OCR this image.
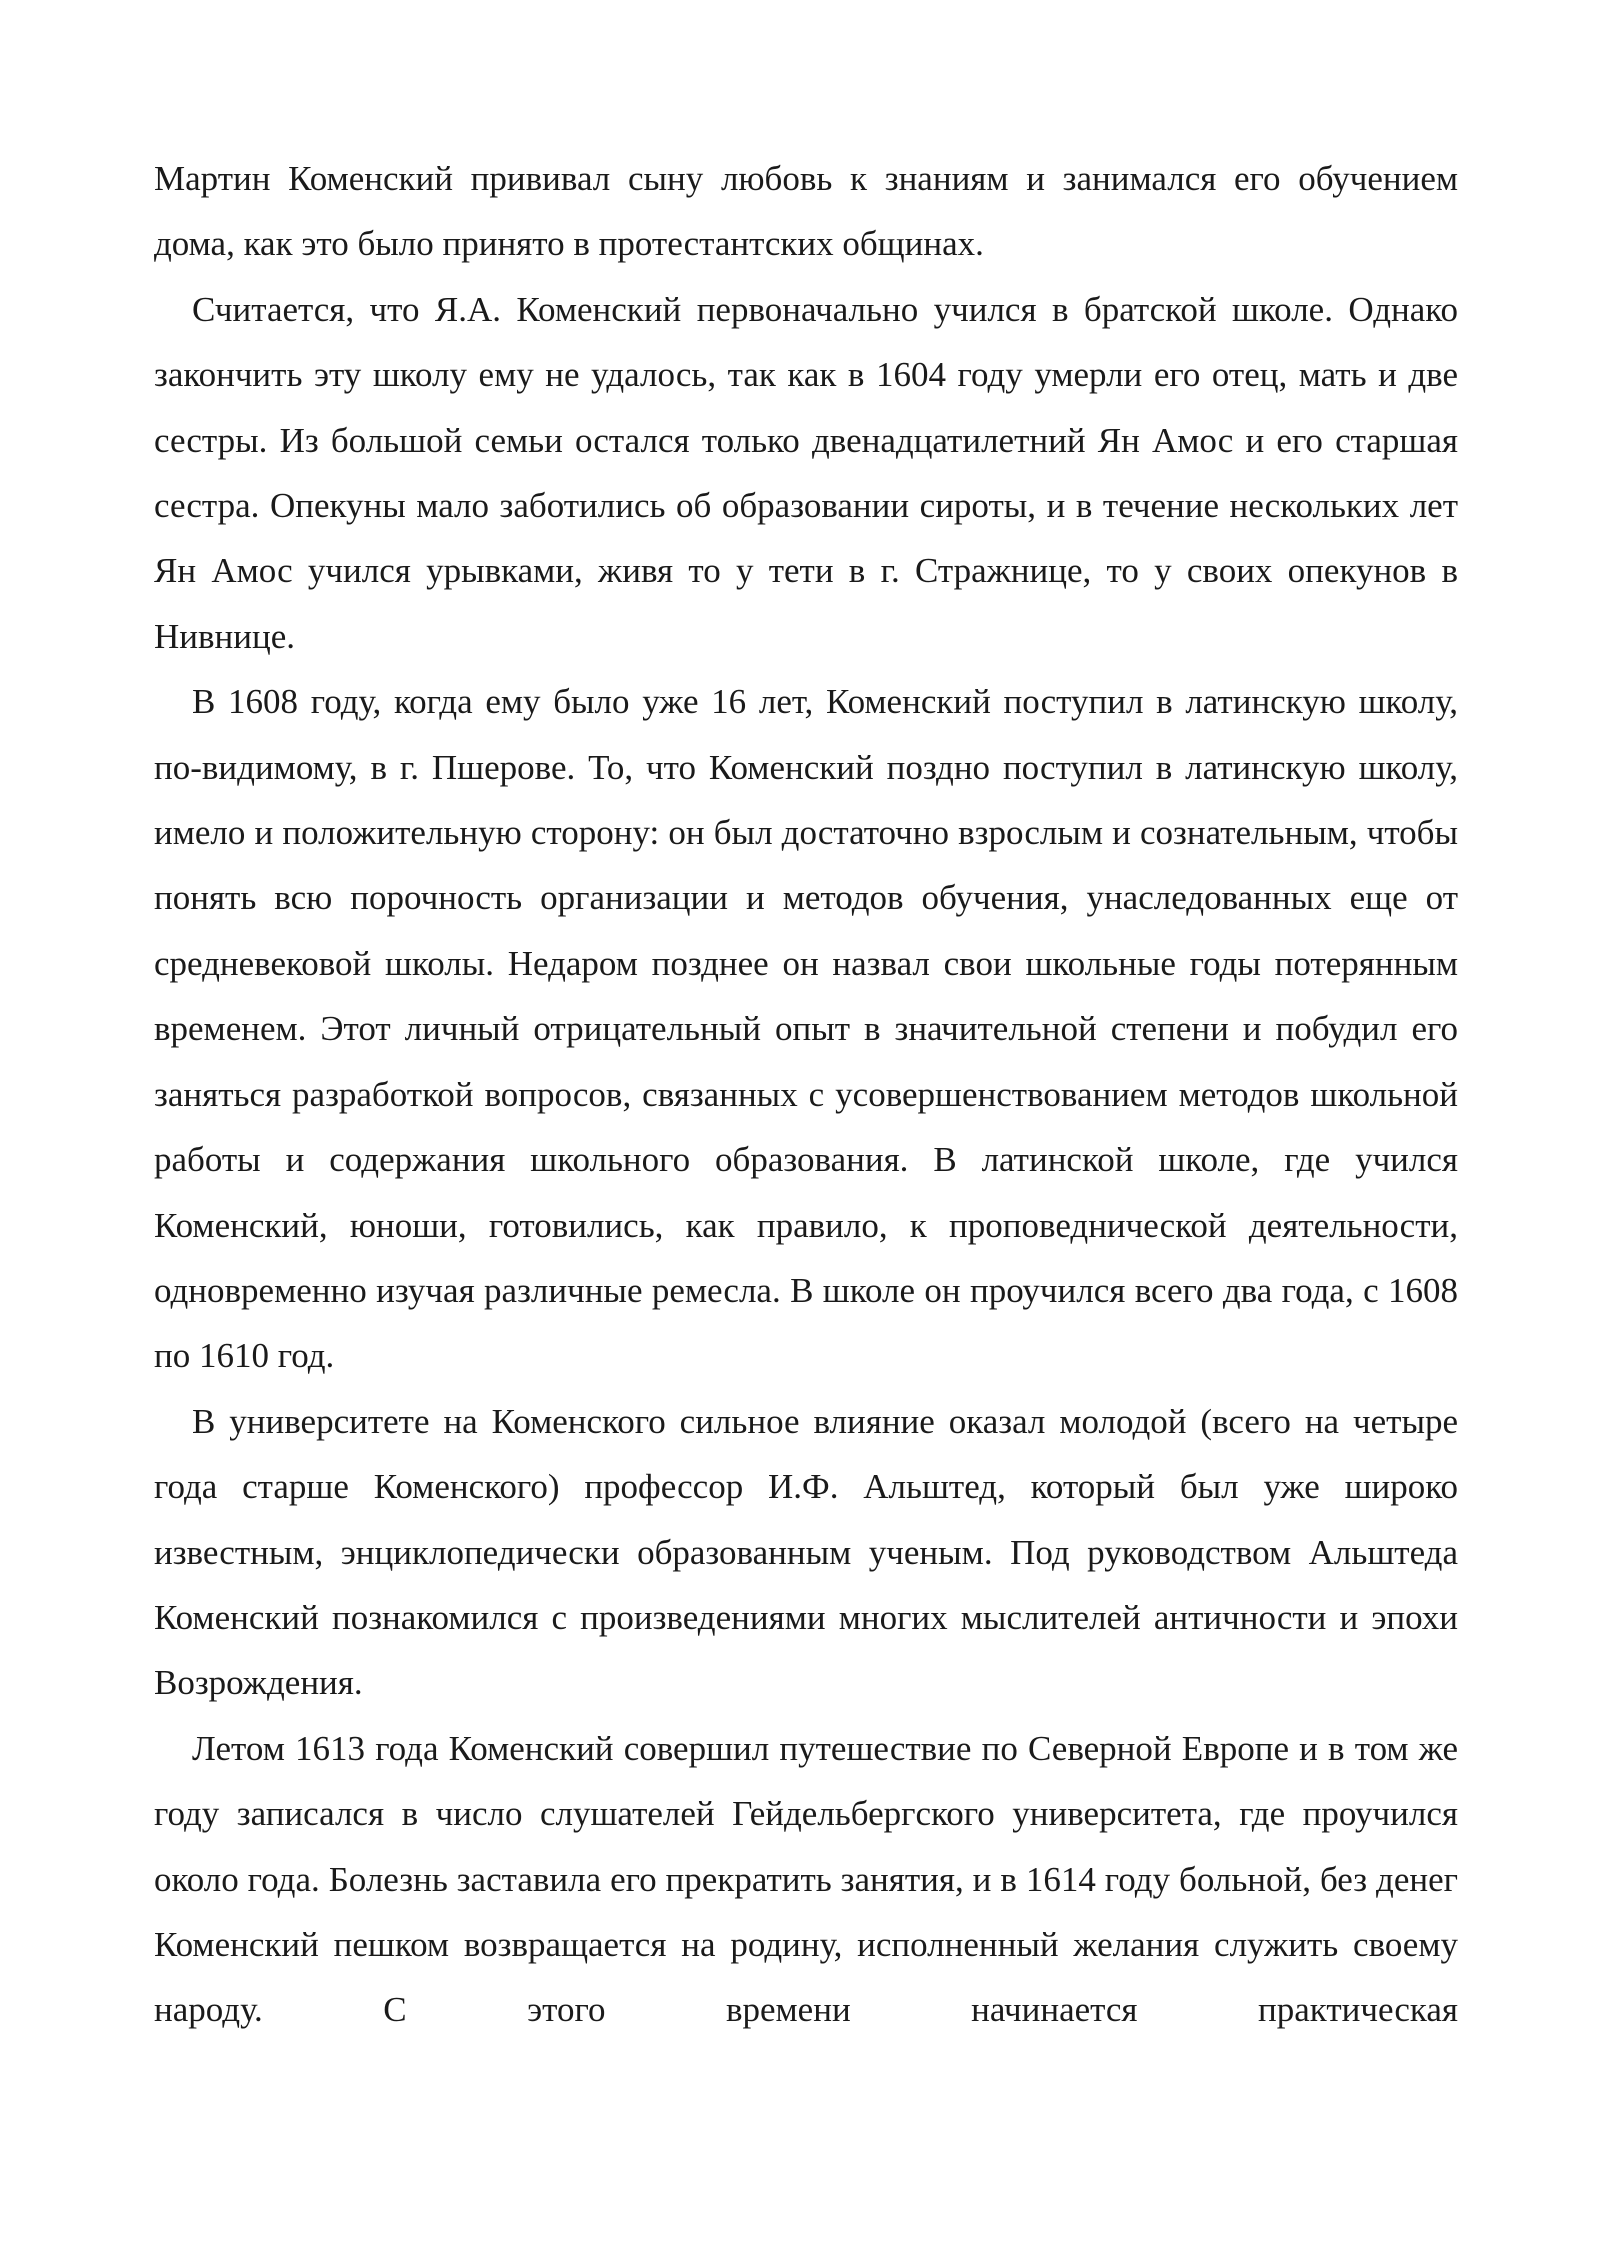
Мартин Коменский прививал сыну любовь к знаниям и занимался его обучением дома, как это было принято в протестантских общинах.

Считается, что Я.А. Коменский первоначально учился в братской школе. Однако закончить эту школу ему не удалось, так как в 1604 году умерли его отец, мать и две сестры. Из большой семьи остался только двенадцатилетний Ян Амос и его старшая сестра. Опекуны мало заботились об образовании сироты, и в течение нескольких лет Ян Амос учился урывками, живя то у тети в г. Стражнице, то у своих опекунов в Нивнице.

В 1608 году, когда ему было уже 16 лет, Коменский поступил в латинскую школу, по-видимому, в г. Пшерове. То, что Коменский поздно поступил в латинскую школу, имело и положительную сторону: он был достаточно взрослым и сознательным, чтобы понять всю порочность организации и методов обучения, унаследованных еще от средневековой школы. Недаром позднее он назвал свои школьные годы потерянным временем. Этот личный отрицательный опыт в значительной степени и побудил его заняться разработкой вопросов, связанных с усовершенствованием методов школьной работы и содержания школьного образования. В латинской школе, где учился Коменский, юноши, готовились, как правило, к проповеднической деятельности, одновременно изучая различные ремесла. В школе он проучился всего два года, с 1608 по 1610 год.

В университете на Коменского сильное влияние оказал молодой (всего на четыре года старше Коменского) профессор И.Ф. Альштед, который был уже широко известным, энциклопедически образованным ученым. Под руководством Альштеда Коменский познакомился с произведениями многих мыслителей античности и эпохи Возрождения.

Летом 1613 года Коменский совершил путешествие по Северной Европе и в том же году записался в число слушателей Гейдельбергского университета, где проучился около года. Болезнь заставила его прекратить занятия, и в 1614 году больной, без денег Коменский пешком возвращается на родину, исполненный желания служить своему народу. С этого времени начинается практическая
